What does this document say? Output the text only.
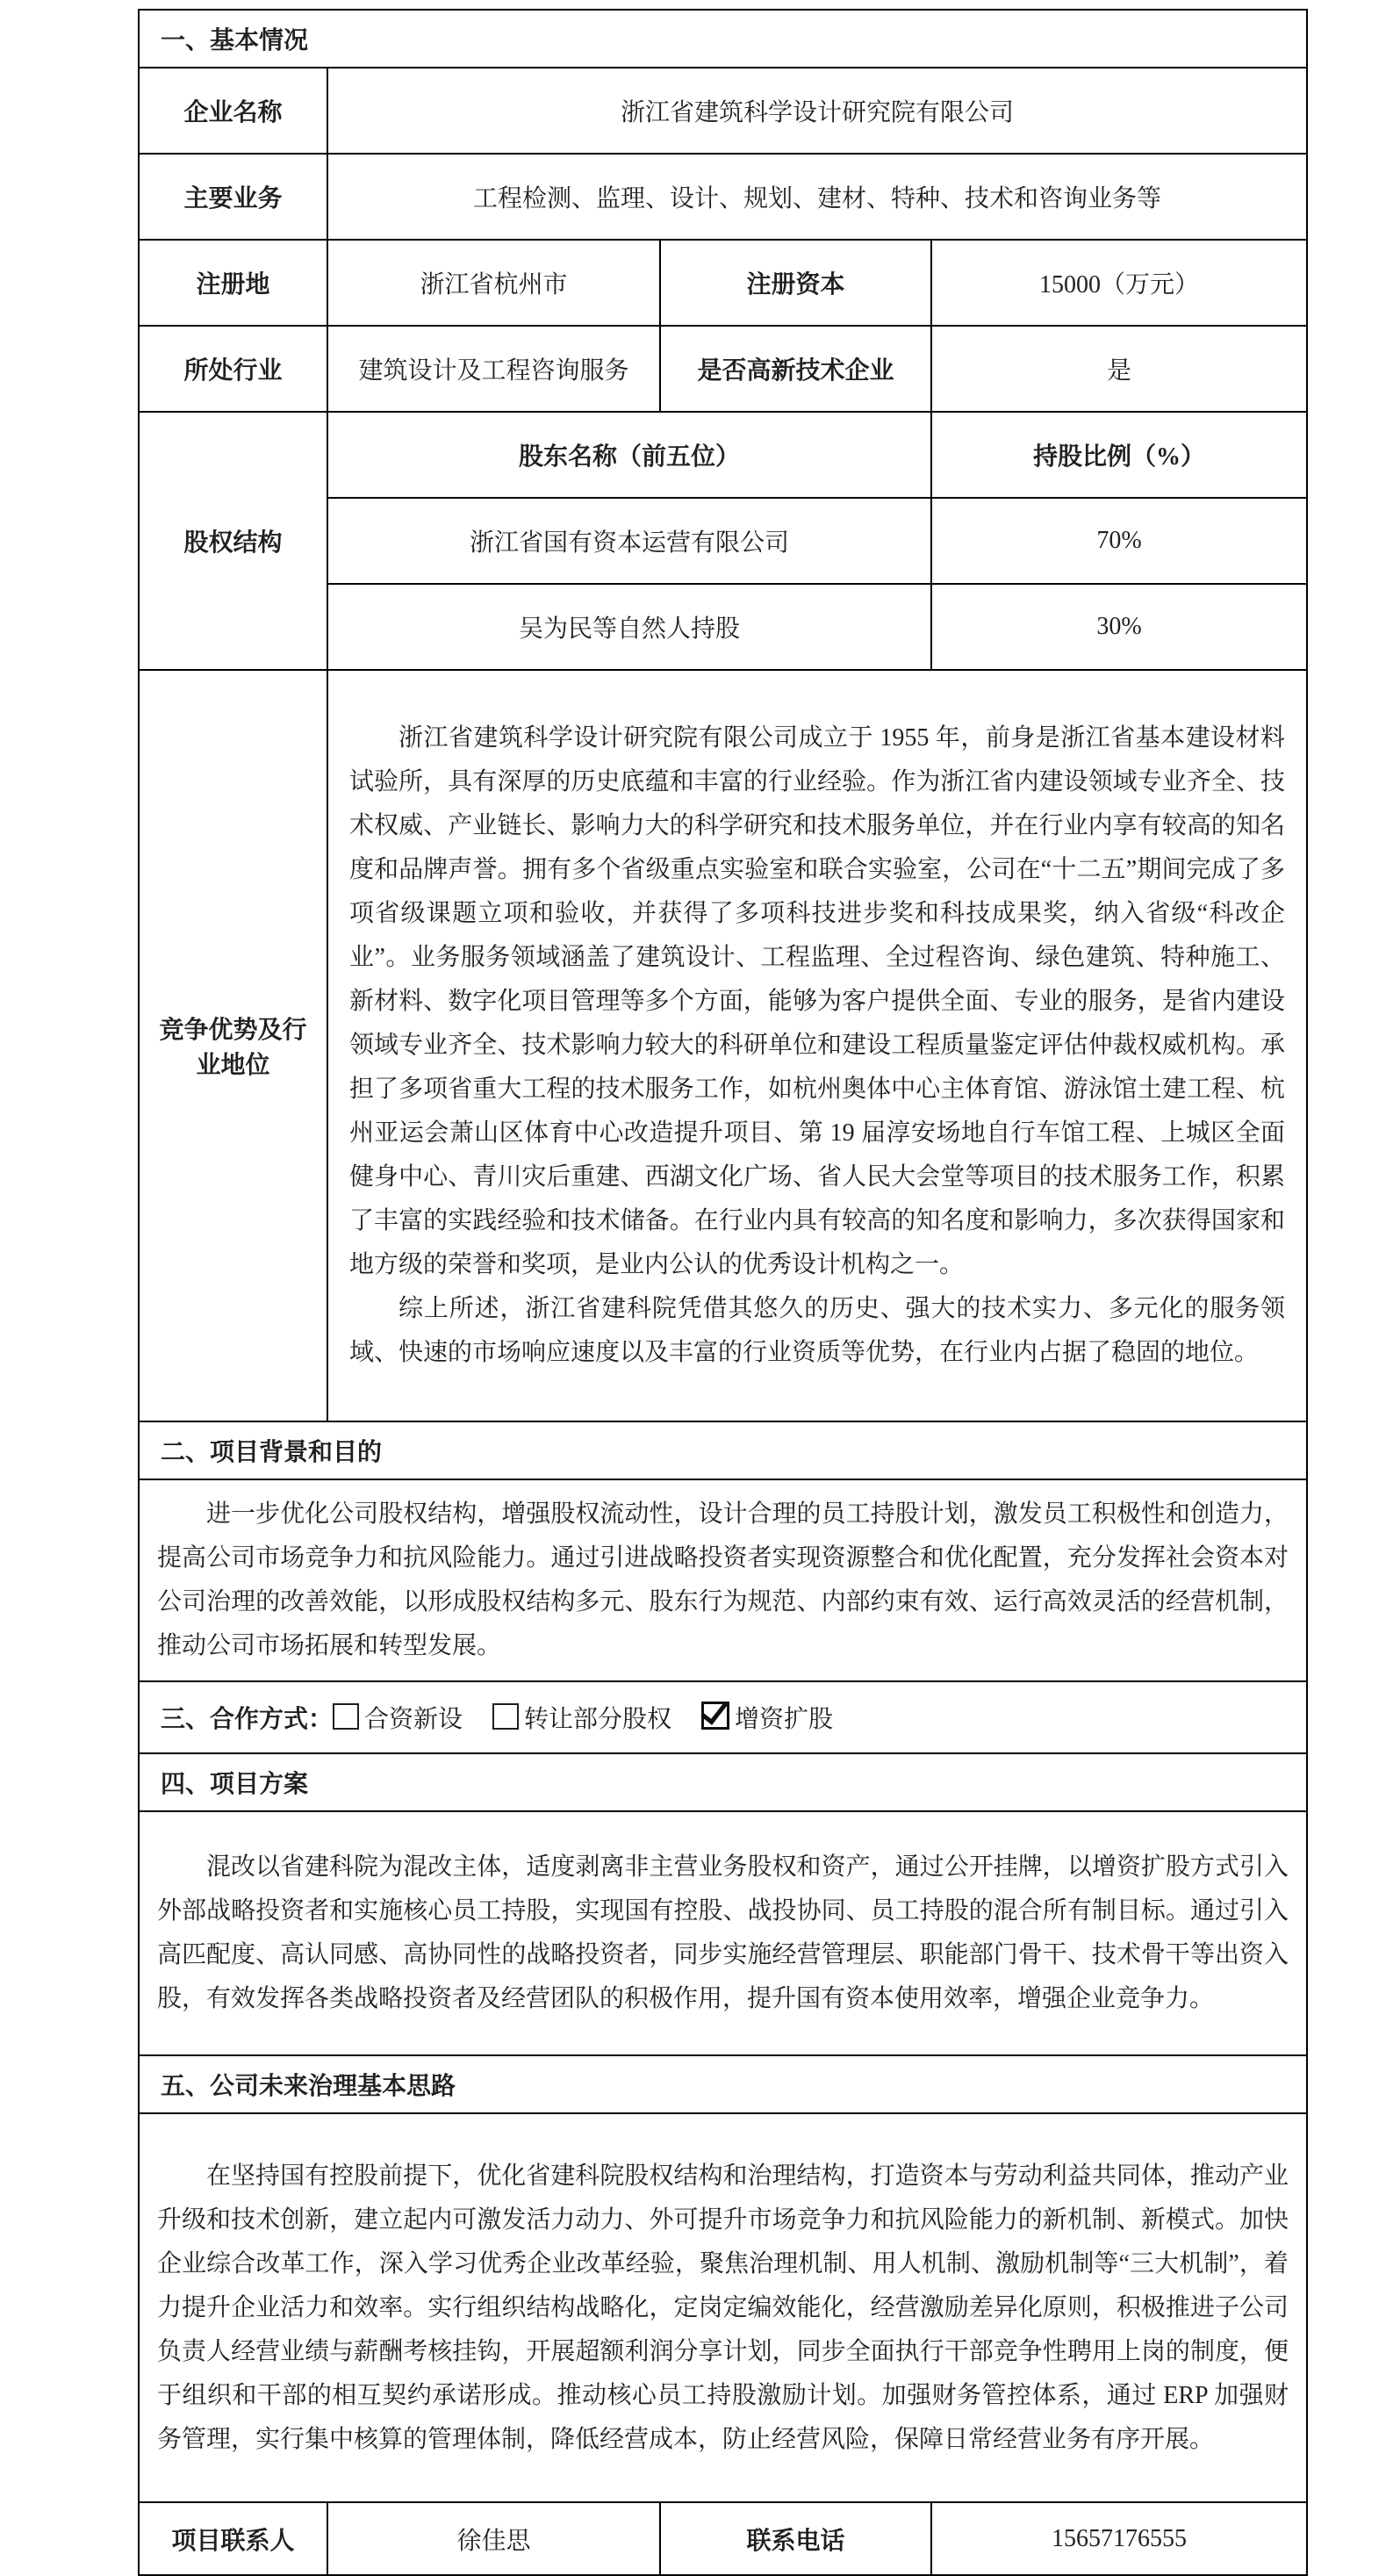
一、基本情况			
企业名称	浙江省建筑科学设计研究院有限公司		
主要业务	工程检测、监理、设计、规划、建材、特种、技术和咨询业务等		
注册地	浙江省杭州市	注册资本	15000（万元）
所处行业	建筑设计及工程咨询服务	是否高新技术企业	是
股权结构	股东名称（前五位）		持股比例（%）
	浙江省国有资本运营有限公司		70%
	吴为民等自然人持股		30%
竞争优势及行业地位	浙江省建筑科学设计研究院有限公司成立于 1955 年，前身是浙江省基本建设材料试验所，具有深厚的历史底蕴和丰富的行业经验。作为浙江省内建设领域专业齐全、技术权威、产业链长、影响力大的科学研究和技术服务单位，并在行业内享有较高的知名度和品牌声誉。拥有多个省级重点实验室和联合实验室，公司在“十二五”期间完成了多项省级课题立项和验收，并获得了多项科技进步奖和科技成果奖，纳入省级“科改企业”。业务服务领域涵盖了建筑设计、工程监理、全过程咨询、绿色建筑、特种施工、新材料、数字化项目管理等多个方面，能够为客户提供全面、专业的服务，是省内建设领域专业齐全、技术影响力较大的科研单位和建设工程质量鉴定评估仲裁权威机构。承担了多项省重大工程的技术服务工作，如杭州奥体中心主体育馆、游泳馆土建工程、杭州亚运会萧山区体育中心改造提升项目、第 19 届淳安场地自行车馆工程、上城区全面健身中心、青川灾后重建、西湖文化广场、省人民大会堂等项目的技术服务工作，积累了丰富的实践经验和技术储备。在行业内具有较高的知名度和影响力，多次获得国家和地方级的荣誉和奖项，是业内公认的优秀设计机构之一。

综上所述，浙江省建科院凭借其悠久的历史、强大的技术实力、多元化的服务领域、快速的市场响应速度以及丰富的行业资质等优势，在行业内占据了稳固的地位。		

二、项目背景和目的			

进一步优化公司股权结构，增强股权流动性，设计合理的员工持股计划，激发员工积极性和创造力，提高公司市场竞争力和抗风险能力。通过引进战略投资者实现资源整合和优化配置，充分发挥社会资本对公司治理的改善效能，以形成股权结构多元、股东行为规范、内部约束有效、运行高效灵活的经营机制，推动公司市场拓展和转型发展。			

三、合作方式： 合资新设 转让部分股权 增资扩股			
四、项目方案			

混改以省建科院为混改主体，适度剥离非主营业务股权和资产，通过公开挂牌，以增资扩股方式引入外部战略投资者和实施核心员工持股，实现国有控股、战投协同、员工持股的混合所有制目标。通过引入高匹配度、高认同感、高协同性的战略投资者，同步实施经营管理层、职能部门骨干、技术骨干等出资入股，有效发挥各类战略投资者及经营团队的积极作用，提升国有资本使用效率，增强企业竞争力。			

五、公司未来治理基本思路			

在坚持国有控股前提下，优化省建科院股权结构和治理结构，打造资本与劳动利益共同体，推动产业升级和技术创新，建立起内可激发活力动力、外可提升市场竞争力和抗风险能力的新机制、新模式。加快企业综合改革工作，深入学习优秀企业改革经验，聚焦治理机制、用人机制、激励机制等“三大机制”，着力提升企业活力和效率。实行组织结构战略化，定岗定编效能化，经营激励差异化原则，积极推进子公司负责人经营业绩与薪酬考核挂钩，开展超额利润分享计划，同步全面执行干部竞争性聘用上岗的制度，便于组织和干部的相互契约承诺形成。推动核心员工持股激励计划。加强财务管控体系，通过 ERP 加强财务管理，实行集中核算的管理体制，降低经营成本，防止经营风险，保障日常经营业务有序开展。			

项目联系人	徐佳思	联系电话	15657176555
